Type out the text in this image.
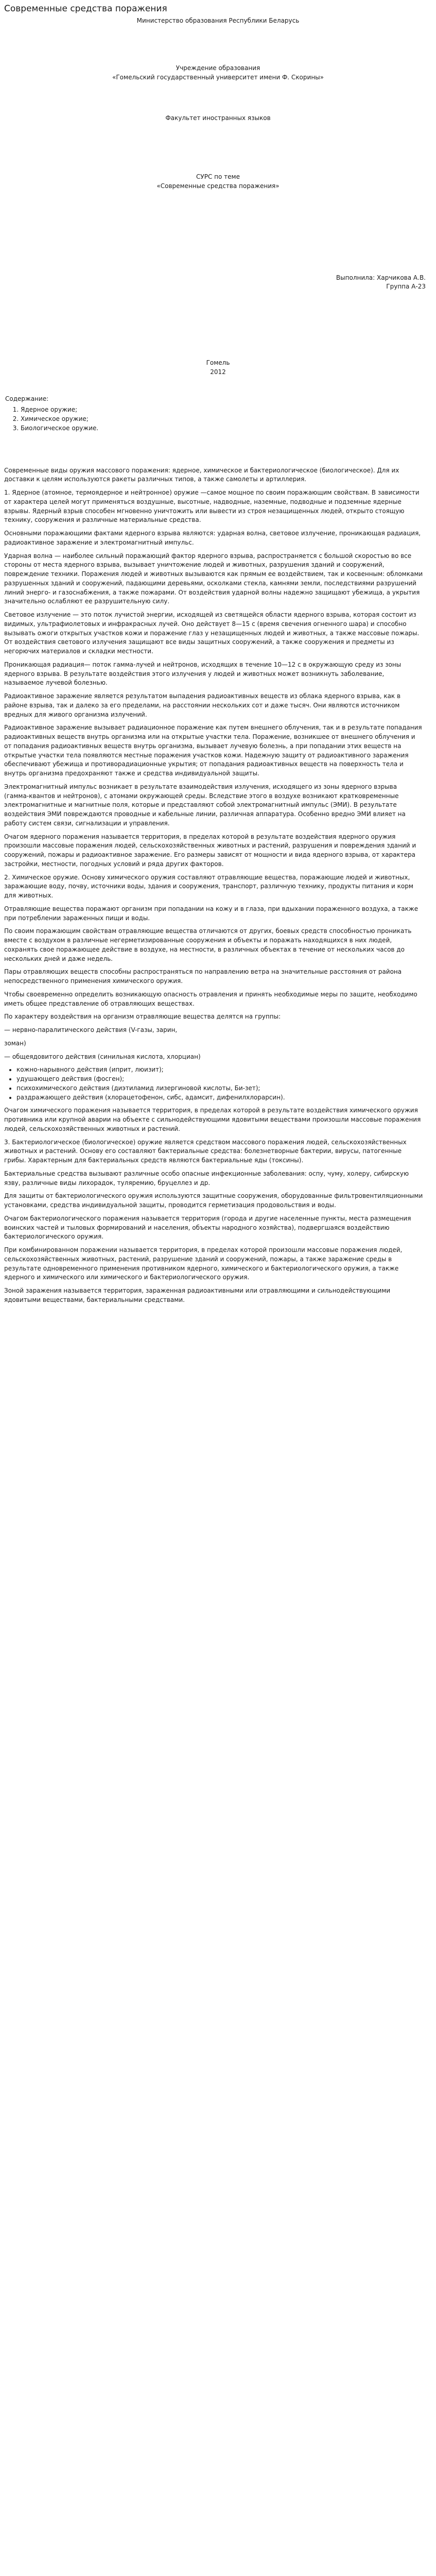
Современные средства поражения
Министерство образования Республики Беларусь
Учреждение образования
«Гомельский государственный университет имени Ф. Скорины»
Факультет иностранных языков
СУРС по теме
«Современные средства поражения»
Выполнила: Харчикова А.В.
Группа А-23
Гомель
2012
Содержание:
1. Ядерное оружие;
2. Химическое оружие;
3. Биологическое оружие.

Современные виды оружия массового поражения: ядерное, химическое и бактериологическое (биологическое). Для их доставки к целям используются ракеты различных типов, а также самолеты и артиллерия.

1. Ядерное (атомное, термоядерное и нейтронное) оружие —самое мощное по своим поражающим свойствам. В зависимости от характера целей могут применяться воздушные, высотные, надводные, наземные, подводные и подземные ядерные взрывы. Ядерный взрыв способен мгновенно уничтожить или вывести из строя незащищенных людей, открыто стоящую технику, сооружения и различные материальные средства.

Основными поражающими фактами ядерного взрыва являются: ударная волна, световое излучение, проникающая радиация, радиоактивное заражение и электромагнитный импульс.

Ударная волна — наиболее сильный поражающий фактор ядерного взрыва, распространяется с большой скоростью во все стороны от места ядерного взрыва, вызывает уничтожение людей и животных, разрушения зданий и сооружений, повреждение техники. Поражения людей и животных вызываются как прямым ее воздействием, так и косвенным: обломками разрушенных зданий и сооружений, падающими деревьями, осколками стекла, камнями земли, последствиями разрушений линий энерго- и газоснабжения, а также пожарами. От воздействия ударной волны надежно защищают убежища, а укрытия значительно ослабляют ее разрушительную силу.

Световое излучение — это поток лучистой энергии, исходящей из светящейся области ядерного взрыва, которая состоит из видимых, ультрафиолетовых и инфракрасных лучей. Оно действует 8—15 с (время свечения огненного шара) и способно вызывать ожоги открытых участков кожи и поражение глаз у незащищенных людей и животных, а также массовые пожары. От воздействия светового излучения защищают все виды защитных сооружений, а также сооружения и предметы из негорючих материалов и складки местности.

Проникающая радиация— поток гамма-лучей и нейтронов, исходящих в течение 10—12 с в окружающую среду из зоны ядерного взрыва. В результате воздействия этого излучения у людей и животных может возникнуть заболевание, называемое лучевой болезнью.

Радиоактивное заражение является результатом выпадения радиоактивных веществ из облака ядерного взрыва, как в районе взрыва, так и далеко за его пределами, на расстоянии нескольких сот и даже тысяч. Они являются источником вредных для живого организма излучений.

Радиоактивное заражение вызывает радиационное поражение как путем внешнего облучения, так и в результате попадания радиоактивных веществ внутрь организма или на открытые участки тела. Поражение, возникшее от внешнего облучения и от попадания радиоактивных веществ внутрь организма, вызывает лучевую болезнь, а при попадании этих веществ на открытые участки тела появляются местные поражения участков кожи. Надежную защиту от радиоактивного заражения обеспечивают убежища и противорадиационные укрытия; от попадания радиоактивных веществ на поверхность тела и внутрь организма предохраняют также и средства индивидуальной защиты.

Электромагнитный импульс возникает в результате взаимодействия излучения, исходящего из зоны ядерного взрыва (гамма-квантов и нейтронов), с атомами окружающей среды. Вследствие этого в воздухе возникают кратковременные электромагнитные и магнитные поля, которые и представляют собой электромагнитный импульс (ЭМИ). В результате воздействия ЭМИ повреждаются проводные и кабельные линии, различная аппаратура. Особенно вредно ЭМИ влияет на работу систем связи, сигнализации и управления.

Очагом ядерного поражения называется территория, в пределах которой в результате воздействия ядерного оружия произошли массовые поражения людей, сельскохозяйственных животных и растений, разрушения и повреждения зданий и сооружений, пожары и радиоактивное заражение. Его размеры зависят от мощности и вида ядерного взрыва, от характера застройки, местности, погодных условий и ряда других факторов.

2. Химическое оружие. Основу химического оружия составляют отравляющие вещества, поражающие людей и животных, заражающие воду, почву, источники воды, здания и сооружения, транспорт, различную технику, продукты питания и корм для животных.

Отравляющие вещества поражают организм при попадании на кожу и в глаза, при вдыхании пораженного воздуха, а также при потреблении зараженных пищи и воды.

По своим поражающим свойствам отравляющие вещества отличаются от других, боевых средств способностью проникать вместе с воздухом в различные негерметизированные сооружения и объекты и поражать находящихся в них людей, сохранять свое поражающее действие в воздухе, на местности, в различных объектах в течение от нескольких часов до нескольких дней и даже недель.

Пары отравляющих веществ способны распространяться по направлению ветра на значительные расстояния от района непосредственного применения химического оружия.

Чтобы своевременно определить возникающую опасность отравления и принять необходимые меры по защите, необходимо иметь общее представление об отравляющих веществах.

По характеру воздействия на организм отравляющие вещества делятся на группы:

— нервно-паралитического действия (V-газы, зарин,

зоман)

— общеядовитого действия (синильная кислота, хлорциан)

• кожно-нарывного действия (иприт, люизит);
• удушающего действия (фосген);
• психохимического действия (диэтиламид лизергиновой кислоты, Би-зет);
• раздражающего действия (хлорацетофенон, сибс, адамсит, дифенилхлорарсин).

Очагом химического поражения называется территория, в пределах которой в результате воздействия химического оружия противника или крупной аварии на объекте с сильнодействующими ядовитыми веществами произошли массовые поражения людей, сельскохозяйственных животных и растений.

3. Бактериологическое (биологическое) оружие является средством массового поражения людей, сельскохозяйственных животных и растений. Основу его составляют бактериальные средства: болезнетворные бактерии, вирусы, патогенные грибы. Характерным для бактериальных средств являются бактериальные яды (токсины).

Бактериальные средства вызывают различные особо опасные инфекционные заболевания: оспу, чуму, холеру, сибирскую язву, различные виды лихорадок, туляремию, бруцеллез и др.

Для защиты от бактериологического оружия используются защитные сооружения, оборудованные фильтровентиляционными установками, средства индивидуальной защиты, проводится герметизация продовольствия и воды.

Очагом бактериологического поражения называется территория (города и другие населенные пункты, места размещения воинских частей и тыловых формирований и населения, объекты народного хозяйства), подвергшаяся воздействию бактериологического оружия.

При комбинированном поражении называется территория, в пределах которой произошли массовые поражения людей, сельскохозяйственных животных, растений, разрушение зданий и сооружений, пожары, а также заражение среды в результате одновременного применения противником ядерного, химического и бактериологического оружия, а также ядерного и химического или химического и бактериологического оружия.

Зоной заражения называется территория, зараженная радиоактивными или отравляющими и сильнодействующими ядовитыми веществами, бактериальными средствами.
